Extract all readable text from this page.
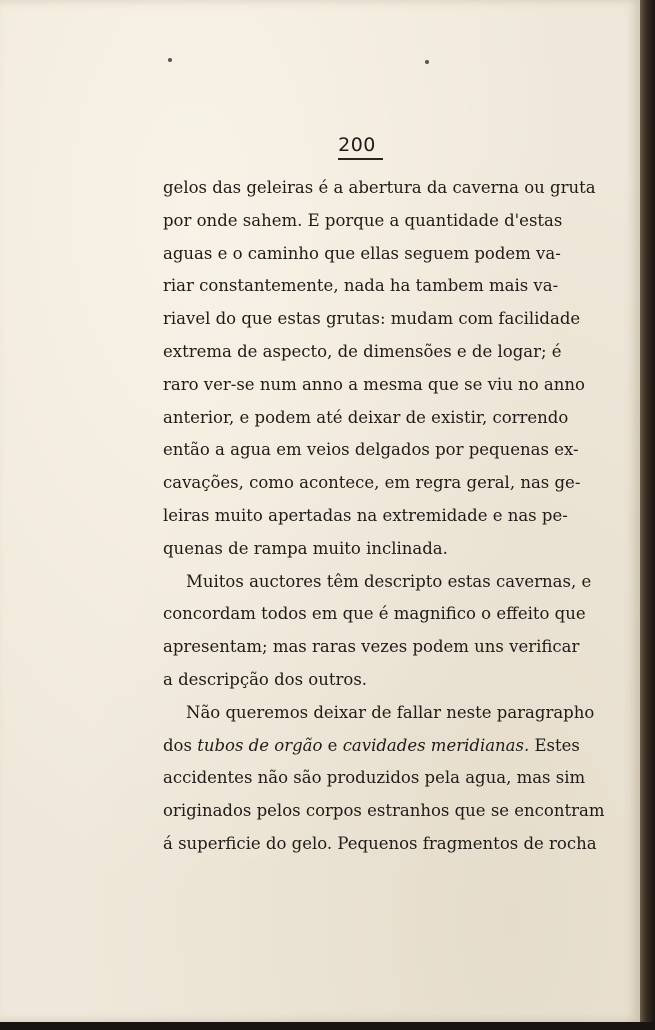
200

gelos das geleiras é a abertura da caverna ou gruta
por onde sahem. E porque a quantidade d'estas
aguas e o caminho que ellas seguem podem va-
riar constantemente, nada ha tambem mais va-
riavel do que estas grutas: mudam com facilidade
extrema de aspecto, de dimensões e de logar; é
raro ver-se num anno a mesma que se viu no anno
anterior, e podem até deixar de existir, correndo
então a agua em veios delgados por pequenas ex-
cavações, como acontece, em regra geral, nas ge-
leiras muito apertadas na extremidade e nas pe-
quenas de rampa muito inclinada.

Muitos auctores têm descripto estas cavernas, e
concordam todos em que é magnifico o effeito que
apresentam; mas raras vezes podem uns verificar
a descripção dos outros.

Não queremos deixar de fallar neste paragrapho
dos tubos de orgão e cavidades meridianas. Estes
accidentes não são produzidos pela agua, mas sim
originados pelos corpos estranhos que se encontram
á superficie do gelo. Pequenos fragmentos de rocha
